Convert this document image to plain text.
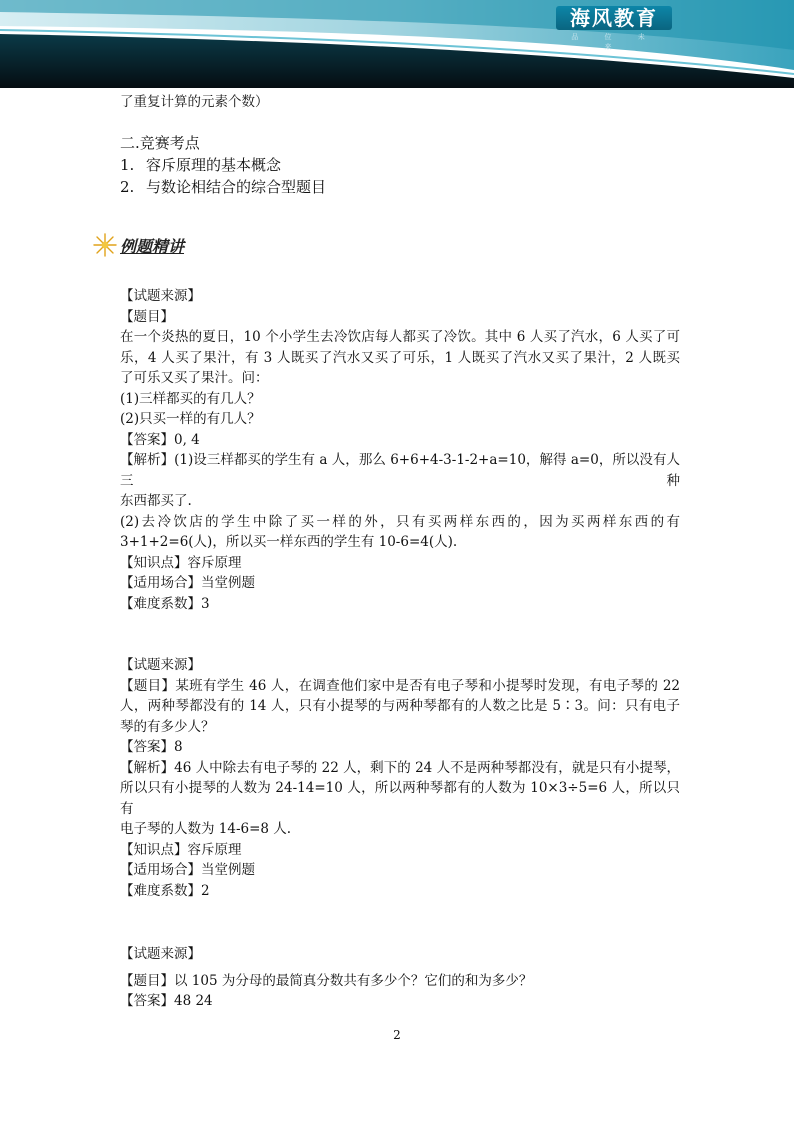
海风教育
品 位 未 来
了重复计算的元素个数）
二.竞赛考点
1. 容斥原理的基本概念
2. 与数论相结合的综合型题目
例题精讲
【试题来源】
【题目】
在一个炎热的夏日，10 个小学生去冷饮店每人都买了冷饮。其中 6 人买了汽水，6 人买了可
乐，4 人买了果汁，有 3 人既买了汽水又买了可乐，1 人既买了汽水又买了果汁，2 人既买
了可乐又买了果汁。问：
(1)三样都买的有几人？
(2)只买一样的有几人？
【答案】0, 4
【解析】(1)设三样都买的学生有 a 人，那么 6+6+4-3-1-2+a=10，解得 a=0，所以没有人三种
东西都买了.
(2)去冷饮店的学生中除了买一样的外，只有买两样东西的，因为买两样东西的有
3+1+2=6(人)，所以买一样东西的学生有 10-6=4(人).
【知识点】容斥原理
【适用场合】当堂例题
【难度系数】3
【试题来源】
【题目】某班有学生 46 人，在调查他们家中是否有电子琴和小提琴时发现，有电子琴的 22
人，两种琴都没有的 14 人，只有小提琴的与两种琴都有的人数之比是 5∶3。问：只有电子
琴的有多少人？
【答案】8
【解析】46 人中除去有电子琴的 22 人，剩下的 24 人不是两种琴都没有，就是只有小提琴，
所以只有小提琴的人数为 24-14=10 人，所以两种琴都有的人数为 10×3÷5=6 人，所以只有
电子琴的人数为 14-6=8 人.
【知识点】容斥原理
【适用场合】当堂例题
【难度系数】2
【试题来源】
【题目】以 105 为分母的最简真分数共有多少个？它们的和为多少？
【答案】48 24
2
